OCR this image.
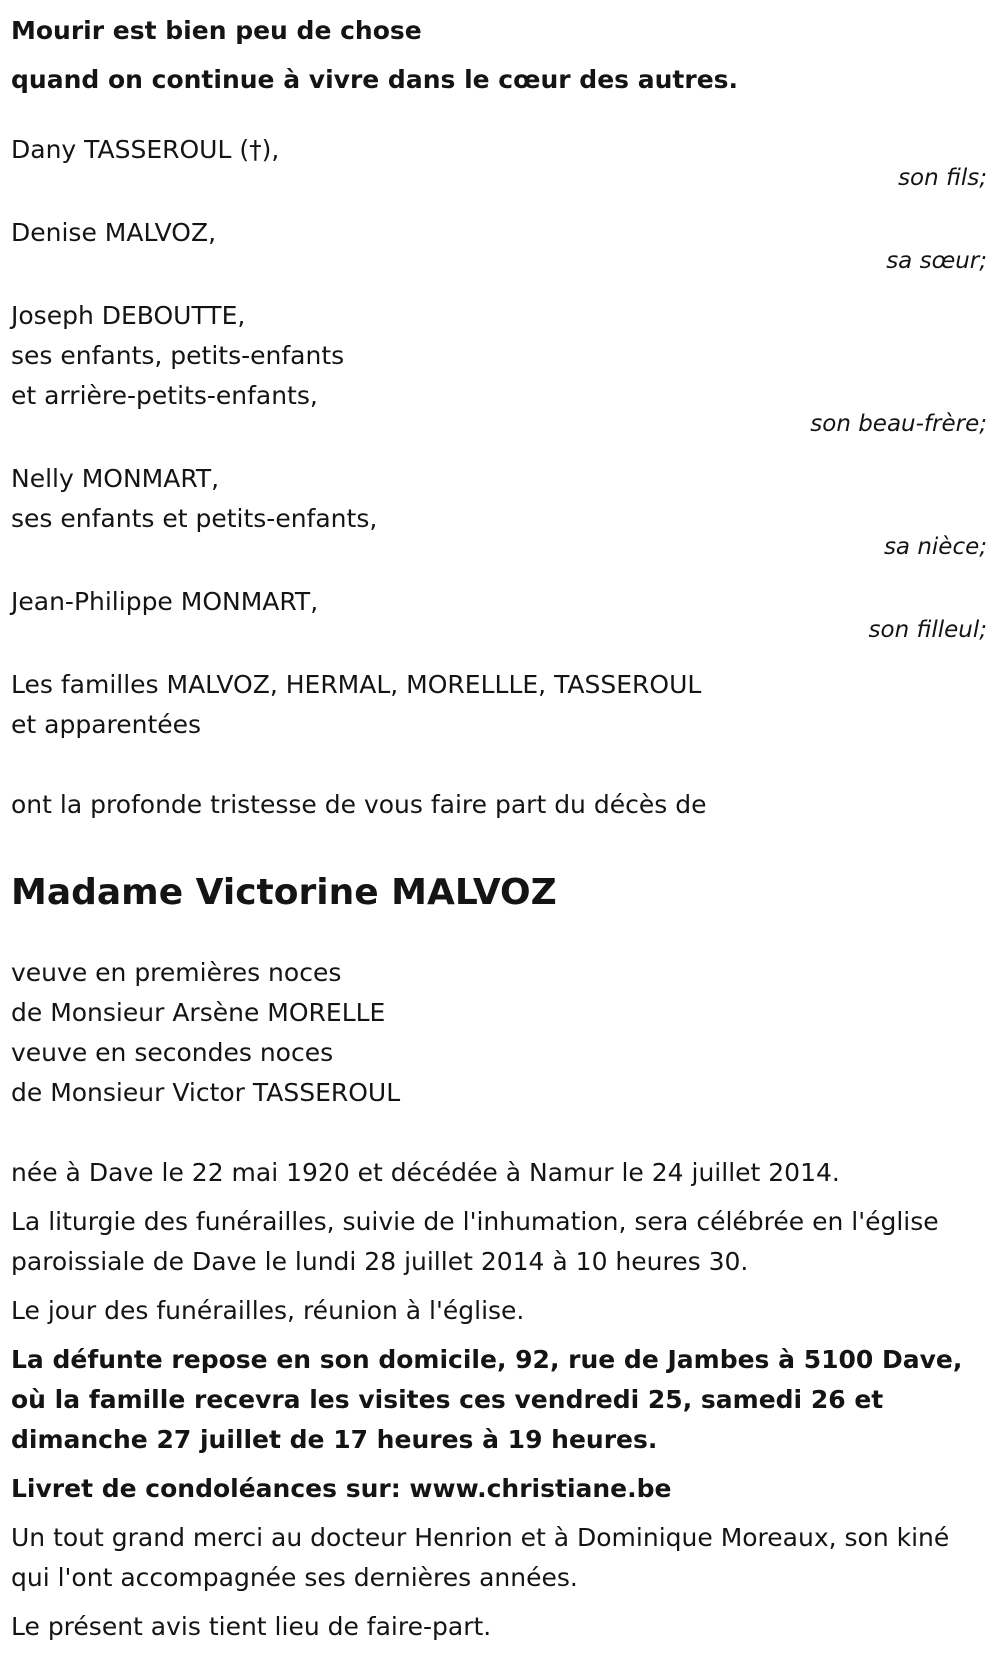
Mourir est bien peu de chose

quand on continue à vivre dans le cœur des autres.

Dany TASSEROUL (†),

son fils;

Denise MALVOZ,

sa sœur;

Joseph DEBOUTTE,

ses enfants, petits-enfants

et arrière-petits-enfants,

son beau-frère;

Nelly MONMART,

ses enfants et petits-enfants,

sa nièce;

Jean-Philippe MONMART,

son filleul;

Les familles MALVOZ, HERMAL, MORELLLE, TASSEROUL

et apparentées

ont la profonde tristesse de vous faire part du décès de

Madame Victorine MALVOZ

veuve en premières noces

de Monsieur Arsène MORELLE

veuve en secondes noces

de Monsieur Victor TASSEROUL

née à Dave le 22 mai 1920 et décédée à Namur le 24 juillet 2014.

La liturgie des funérailles, suivie de l'inhumation, sera célébrée en l'église paroissiale de Dave le lundi 28 juillet 2014 à 10 heures 30.

Le jour des funérailles, réunion à l'église.

La défunte repose en son domicile, 92, rue de Jambes à 5100 Dave, où la famille recevra les visites ces vendredi 25, samedi 26 et dimanche 27 juillet de 17 heures à 19 heures.

Livret de condoléances sur: www.christiane.be

Un tout grand merci au docteur Henrion et à Dominique Moreaux, son kiné qui l'ont accompagnée ses dernières années.

Le présent avis tient lieu de faire-part.
